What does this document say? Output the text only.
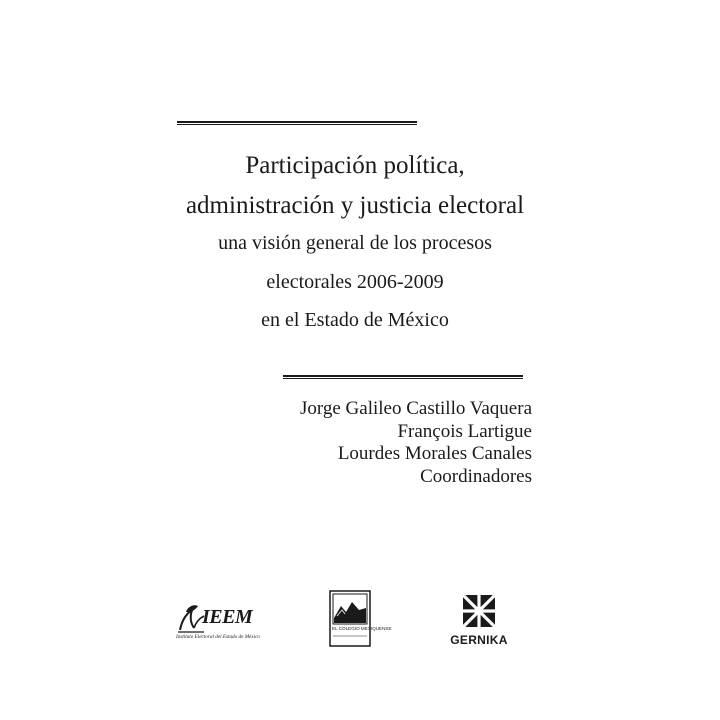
Participación política,
administración y justicia electoral
una visión general de los procesos
electorales 2006-2009
en el Estado de México
Jorge Galileo Castillo Vaquera
François Lartigue
Lourdes Morales Canales
Coordinadores
IEEM
Instituto Electoral del Estado de México
EL COLEGIO MEXIQUENSE
GERNIKA
